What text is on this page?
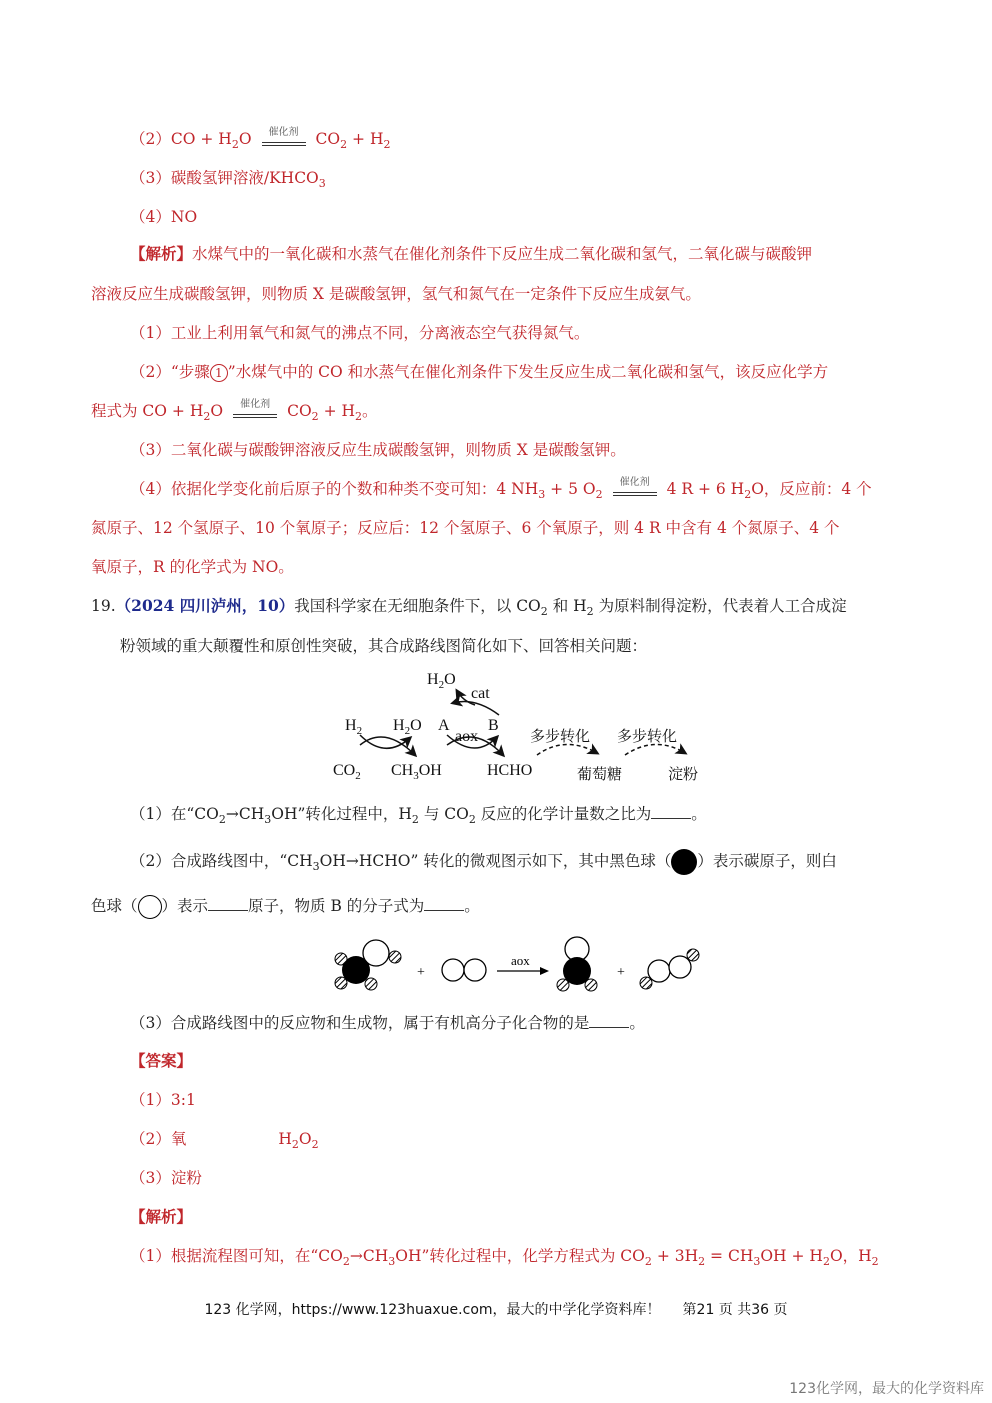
$(2)CO + H_2O$	催化剂	$CO_2 + H_2$
（3）碳酸氢钾溶液$/KHCO_3$
（4）NO
【解析】水煤气中的一氧化碳和水蒸气在催化剂条件下反应生成二氧化碳和氢气，二氧化碳与碳酸钾
溶液反应生成碳酸氢钾，则物质 X 是碳酸氢钾，氢气和氮气在一定条件下反应生成氨气。
（1）工业上利用氧气和氮气的沸点不同，分离液态空气获得氮气。
（2）“步骤 1 ”水煤气中的 CO 和水蒸气在催化剂条件下发生反应生成二氧化碳和氢气，该反应化学方
程式为 CO + $H_2O$	催化剂	$CO_2 + H_2$。
（3）二氧化碳与碳酸钾溶液反应生成碳酸氢钾，则物质 X 是碳酸氢钾。
（4）依据化学变化前后原子的个数和种类不变可知：4 $NH_3 + 5$ $O_2$
催化剂	4 R + 6 $H_2O$，反应前：4 个
氮原子、12 个氢原子、10 个氧原子；反应后：12 个氢原子、6 个氧原子，则 4 R 中含有 4 个氮原子、4 个
氧原子，R 的化学式为 NO。
19.（2024 四川泸州，10）我国科学家在无细胞条件下，以 $CO_2$ 和 $H_2$ 为原料制得淀粉，代表着人工合成淀
粉领域的重大颠覆性和原创性突破，其合成路线图简化如下、回答相关问题：
$H_2O$
cat
$H_2$ $H_2O$ A B
aox
$CO_2$ $CH_3OH$	HCHO
多步转化 多步转化
葡萄糖	淀粉
（1）在“$CO_2\to CH_3OH$”转化过程中，$H_2$ 与 $CO_2$ 反应的化学计量数之比为	。
（2）合成路线图中，“$CH_3OH\to HCHO$” 转化的微观图示如下，其中黑色球（ ）表示碳原子，则白
色球（ ）表示	原子，物质 B 的分子式为	。
+
aox
+
（3）合成路线图中的反应物和生成物，属于有机高分子化合物的是	。
【答案】
（1）3:1
（2）氧	$H_2O_2$
（3）淀粉
【解析】
（1）根据流程图可知，在“$CO_2\to CH_3OH$”转化过程中，化学方程式为 $CO_2 + 3H_2 = CH_3OH + H_2O$，$H_2$
123 化学网，https://www.123huaxue.com，最大的中学化学资料库！ 第21 页 共36 页
123化学网，最大的化学资料库
